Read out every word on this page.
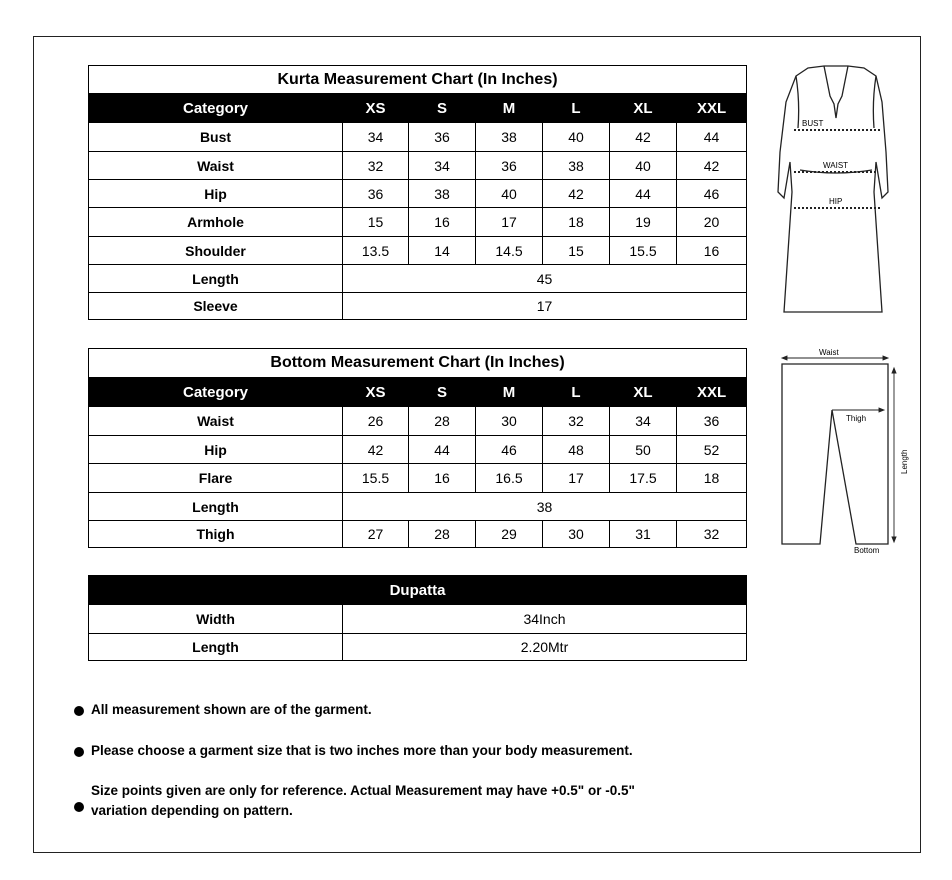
Kurta Measurement Chart (In Inches)						
Category	XS	S	M	L	XL	XXL
Bust	34	36	38	40	42	44
Waist	32	34	36	38	40	42
Hip	36	38	40	42	44	46
Armhole	15	16	17	18	19	20
Shoulder	13.5	14	14.5	15	15.5	16
Length	45					
Sleeve	17					
Bottom Measurement Chart (In Inches)						
Category	XS	S	M	L	XL	XXL
Waist	26	28	30	32	34	36
Hip	42	44	46	48	50	52
Flare	15.5	16	16.5	17	17.5	18
Length	38					
Thigh	27	28	29	30	31	32
Dupatta	
Width	34Inch
Length	2.20Mtr
BUST
WAIST
HIP
Waist
Thigh
Length
Bottom
All measurement shown are of the garment.
Please choose a garment size that is two inches more than your body measurement.
Size points given are only for reference. Actual Measurement may have +0.5" or -0.5"
variation depending on pattern.
